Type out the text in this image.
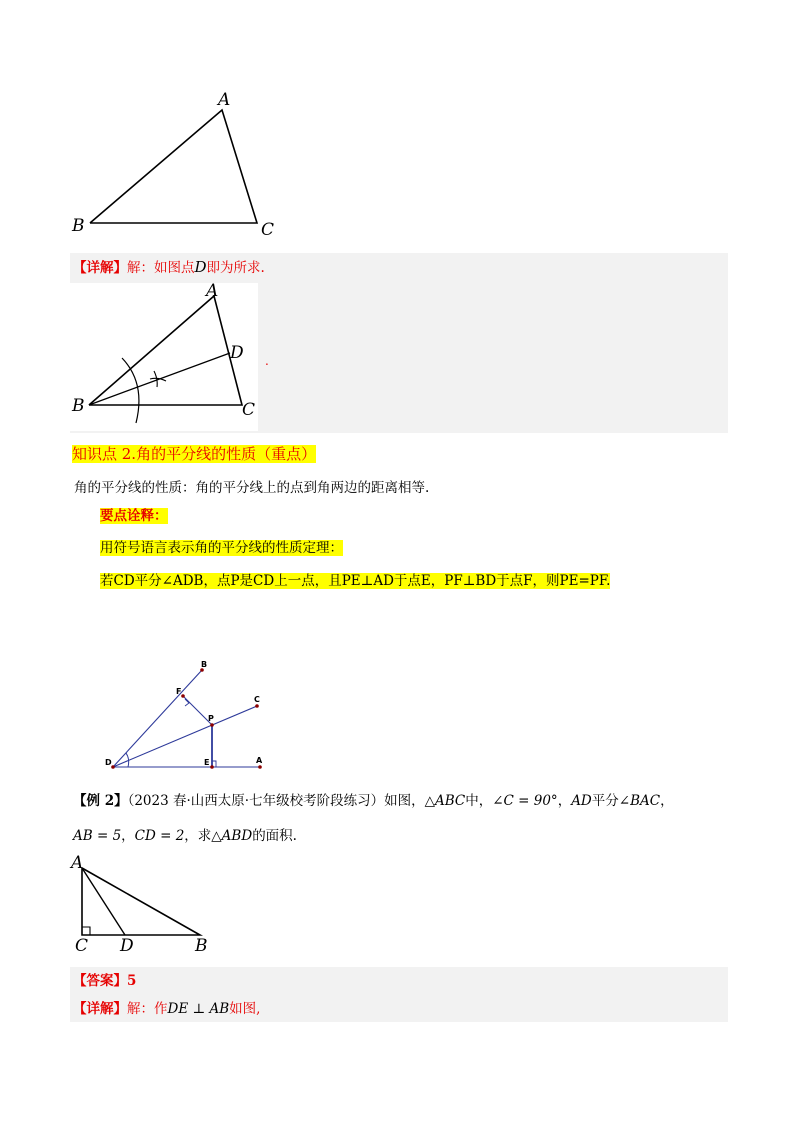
A
B	C
【详解】解：如图点D即为所求.
A
D
B	C
.
知识点 2.角的平分线的性质（重点）
角的平分线的性质：角的平分线上的点到角两边的距离相等.
要点诠释：
用符号语言表示角的平分线的性质定理：
若CD平分∠ADB，点P是CD上一点，且PE⊥AD于点E，PF⊥BD于点F，则PE=PF.
B
F
C
P
D	E	A
【例 2】（2023 春·山西太原·七年级校考阶段练习）如图，△ABC中，∠C = 90°，AD平分∠BAC，
AB = 5，CD = 2，求△ABD的面积.
A
C D	B
【答案】5
【详解】解：作DE ⊥ AB如图,
